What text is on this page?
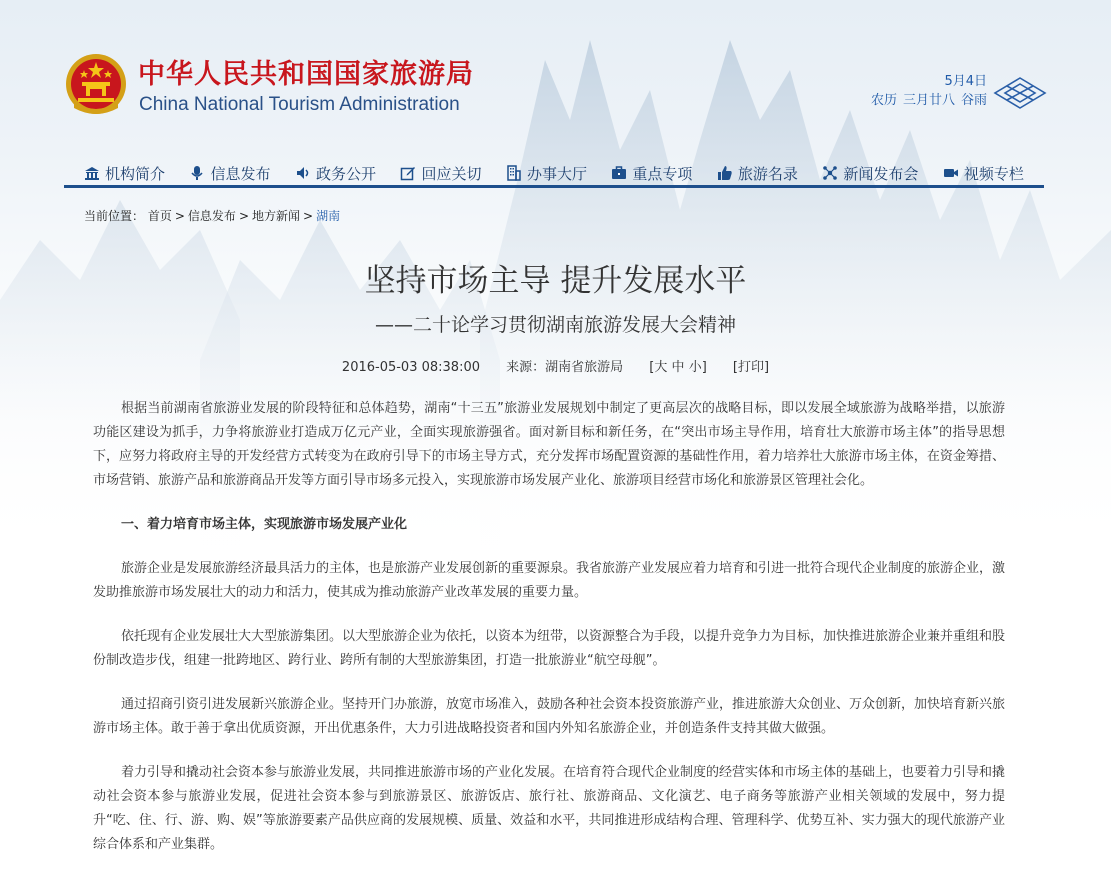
中华人民共和国国家旅游局
China National Tourism Administration
5月4日
农历 三月廿八 谷雨
机构简介	信息发布	政务公开	回应关切	办事大厅	重点专项	旅游名录	新闻发布会	视频专栏
当前位置： 首页 > 信息发布 > 地方新闻 > 湖南
坚持市场主导 提升发展水平
——二十论学习贯彻湖南旅游发展大会精神
2016-05-03 08:38:00 来源：湖南省旅游局 [大 中 小] [打印]

根据当前湖南省旅游业发展的阶段特征和总体趋势，湖南“十三五”旅游业发展规划中制定了更高层次的战略目标，即以发展全域旅游为战略举措，以旅游功能区建设为抓手，力争将旅游业打造成万亿元产业，全面实现旅游强省。面对新目标和新任务，在“突出市场主导作用，培育壮大旅游市场主体”的指导思想下，应努力将政府主导的开发经营方式转变为在政府引导下的市场主导方式，充分发挥市场配置资源的基础性作用，着力培养壮大旅游市场主体，在资金筹措、市场营销、旅游产品和旅游商品开发等方面引导市场多元投入，实现旅游市场发展产业化、旅游项目经营市场化和旅游景区管理社会化。

一、着力培育市场主体，实现旅游市场发展产业化

旅游企业是发展旅游经济最具活力的主体，也是旅游产业发展创新的重要源泉。我省旅游产业发展应着力培育和引进一批符合现代企业制度的旅游企业，激发助推旅游市场发展壮大的动力和活力，使其成为推动旅游产业改革发展的重要力量。

依托现有企业发展壮大大型旅游集团。以大型旅游企业为依托，以资本为纽带，以资源整合为手段，以提升竞争力为目标，加快推进旅游企业兼并重组和股份制改造步伐，组建一批跨地区、跨行业、跨所有制的大型旅游集团，打造一批旅游业“航空母舰”。

通过招商引资引进发展新兴旅游企业。坚持开门办旅游，放宽市场准入，鼓励各种社会资本投资旅游产业，推进旅游大众创业、万众创新，加快培育新兴旅游市场主体。敢于善于拿出优质资源，开出优惠条件，大力引进战略投资者和国内外知名旅游企业，并创造条件支持其做大做强。

着力引导和撬动社会资本参与旅游业发展，共同推进旅游市场的产业化发展。在培育符合现代企业制度的经营实体和市场主体的基础上，也要着力引导和撬动社会资本参与旅游业发展，促进社会资本参与到旅游景区、旅游饭店、旅行社、旅游商品、文化演艺、电子商务等旅游产业相关领域的发展中，努力提升“吃、住、行、游、购、娱”等旅游要素产品供应商的发展规模、质量、效益和水平，共同推进形成结构合理、管理科学、优势互补、实力强大的现代旅游产业综合体系和产业集群。
